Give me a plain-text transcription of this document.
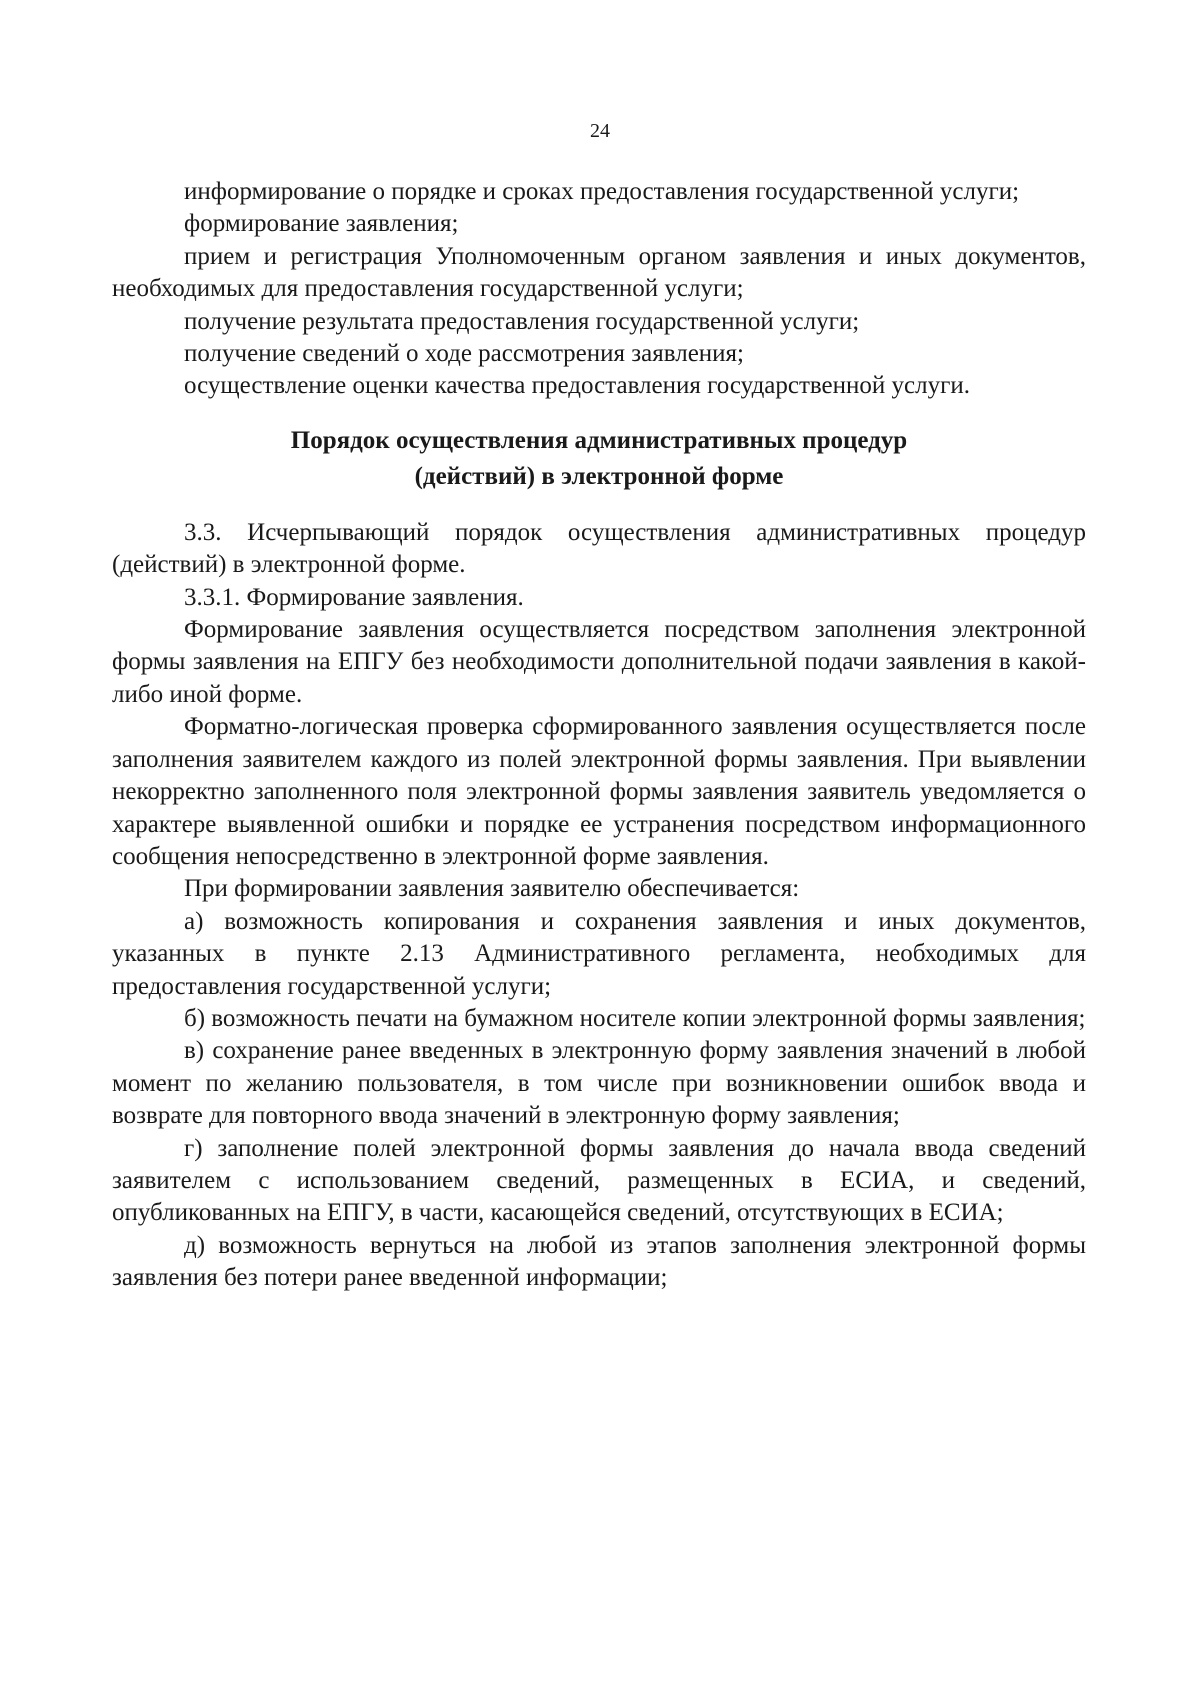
24

информирование о порядке и сроках предоставления государственной услуги;

формирование заявления;

прием и регистрация Уполномоченным органом заявления и иных документов, необходимых для предоставления государственной услуги;

получение результата предоставления государственной услуги;

получение сведений о ходе рассмотрения заявления;

осуществление оценки качества предоставления государственной услуги.

Порядок осуществления административных процедур
(действий) в электронной форме

3.3. Исчерпывающий порядок осуществления административных процедур (действий) в электронной форме.

3.3.1. Формирование заявления.

Формирование заявления осуществляется посредством заполнения электронной формы заявления на ЕПГУ без необходимости дополнительной подачи заявления в какой-либо иной форме.

Форматно-логическая проверка сформированного заявления осуществляется после заполнения заявителем каждого из полей электронной формы заявления. При выявлении некорректно заполненного поля электронной формы заявления заявитель уведомляется о характере выявленной ошибки и порядке ее устранения посредством информационного сообщения непосредственно в электронной форме заявления.

При формировании заявления заявителю обеспечивается:

а) возможность копирования и сохранения заявления и иных документов, указанных в пункте 2.13 Административного регламента, необходимых для предоставления государственной услуги;

б) возможность печати на бумажном носителе копии электронной формы заявления;

в) сохранение ранее введенных в электронную форму заявления значений в любой момент по желанию пользователя, в том числе при возникновении ошибок ввода и возврате для повторного ввода значений в электронную форму заявления;

г) заполнение полей электронной формы заявления до начала ввода сведений заявителем с использованием сведений, размещенных в ЕСИА, и сведений, опубликованных на ЕПГУ, в части, касающейся сведений, отсутствующих в ЕСИА;

д) возможность вернуться на любой из этапов заполнения электронной формы заявления без потери ранее введенной информации;
